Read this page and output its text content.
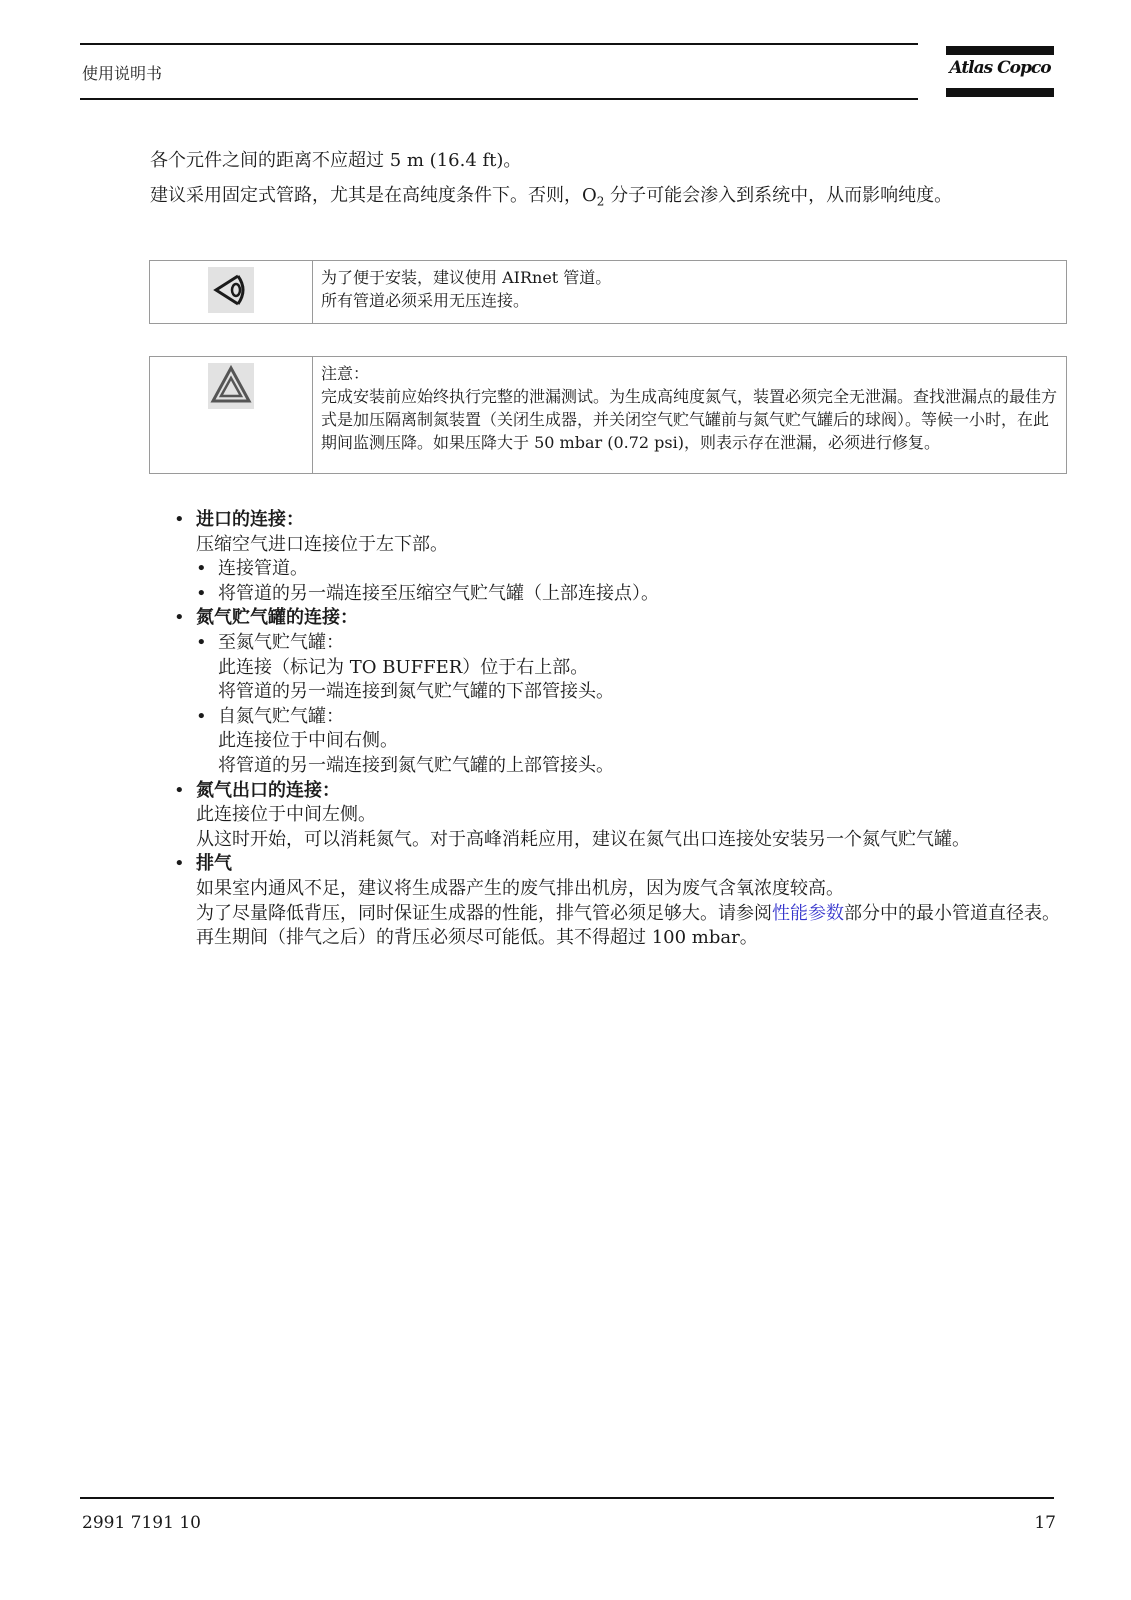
使用说明书	Atlas Copco
各个元件之间的距离不应超过 5 m (16.4 ft)。
建议采用固定式管路，尤其是在高纯度条件下。否则，$O_2$ 分子可能会渗入到系统中，从而影响纯度。

为了便于安装，建议使用 AIRnet 管道。
所有管道必须采用无压连接。

注意：
完成安装前应始终执行完整的泄漏测试。为生成高纯度氮气，装置必须完全无泄漏。查找泄漏点的最佳方式是加压隔离制氮装置（关闭生成器，并关闭空气贮气罐前与氮气贮气罐后的球阀）。等候一小时，在此期间监测压降。如果压降大于 50 mbar (0.72 psi)，则表示存在泄漏，必须进行修复。
• 进口的连接：
压缩空气进口连接位于左下部。
• 连接管道。
• 将管道的另一端连接至压缩空气贮气罐（上部连接点）。
• 氮气贮气罐的连接：
• 至氮气贮气罐：
此连接（标记为 TO BUFFER）位于右上部。
将管道的另一端连接到氮气贮气罐的下部管接头。
• 自氮气贮气罐：
此连接位于中间右侧。
将管道的另一端连接到氮气贮气罐的上部管接头。
• 氮气出口的连接：
此连接位于中间左侧。
从这时开始，可以消耗氮气。对于高峰消耗应用，建议在氮气出口连接处安装另一个氮气贮气罐。
• 排气
如果室内通风不足，建议将生成器产生的废气排出机房，因为废气含氧浓度较高。
为了尽量降低背压，同时保证生成器的性能，排气管必须足够大。请参阅性能参数部分中的最小管道直径表。
再生期间（排气之后）的背压必须尽可能低。其不得超过 100 mbar。
2991 7191 10	17
